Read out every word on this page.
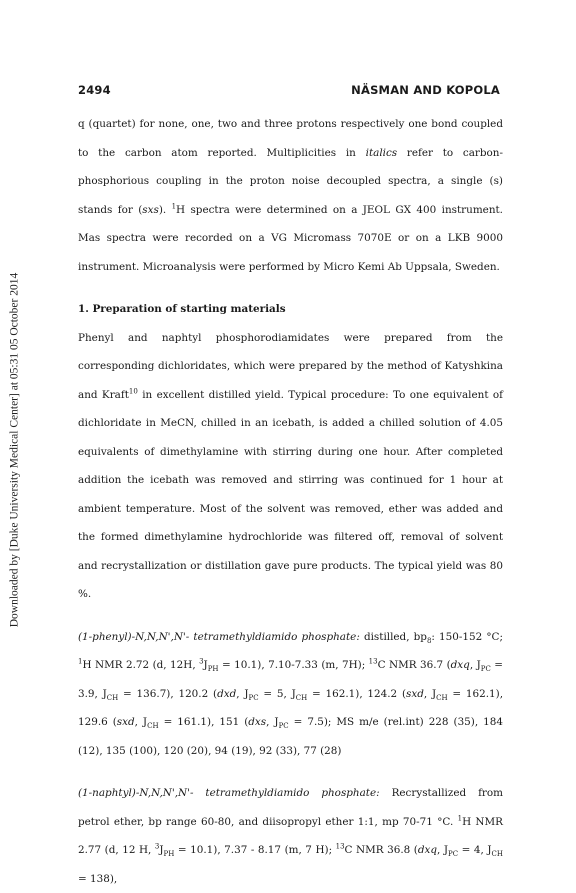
Downloaded by [Duke University Medical Center] at 05:31 05 October 2014
2494	NÄSMAN AND KOPOLA

q (quartet) for none, one, two and three protons respectively one bond coupled to the carbon atom reported. Multiplicities in italics refer to carbon-phosphorious coupling in the proton noise decoupled spectra, a single (s) stands for (sxs). $^1$H spectra were determined on a JEOL GX 400 instrument. Mas spectra were recorded on a VG Micromass 7070E or on a LKB 9000 instrument. Microanalysis were performed by Micro Kemi Ab Uppsala, Sweden.

1. Preparation of starting materials

Phenyl and naphtyl phosphorodiamidates were prepared from the corresponding dichloridates, which were prepared by the method of Katyshkina and Kraft$^{10}$ in excellent distilled yield. Typical procedure: To one equivalent of dichloridate in MeCN, chilled in an icebath, is added a chilled solution of 4.05 equivalents of dimethylamine with stirring during one hour. After completed addition the icebath was removed and stirring was continued for 1 hour at ambient temperature. Most of the solvent was removed, ether was added and the formed dimethylamine hydrochloride was filtered off, removal of solvent and recrystallization or distillation gave pure products. The typical yield was 80 %.

(1-phenyl)-N,N,N',N'- tetramethyldiamido phosphate: distilled, $bp_8$: 150-152 °C; $^1$H NMR 2.72 (d, 12H, $^3J_{PH} = 10.1$), 7.10-7.33 (m, 7H); $^{13}$C NMR 36.7 (dxq, $J_{PC} = 3.9$, $J_{CH} = 136.7$), 120.2 (dxd, $J_{PC} = 5$, $J_{CH} = 162.1$), 124.2 (sxd, $J_{CH} = 162.1$), 129.6 (sxd, $J_{CH} = 161.1$), 151 (dxs, $J_{PC} = 7.5$); MS m/e (rel.int) 228 (35), 184 (12), 135 (100), 120 (20), 94 (19), 92 (33), 77 (28)

(1-naphtyl)-N,N,N',N'- tetramethyldiamido phosphate: Recrystallized from petrol ether, bp range 60-80, and diisopropyl ether 1:1, mp 70-71 °C. $^1$H NMR 2.77 (d, 12 H, $^3J_{PH} = 10.1$), 7.37 - 8.17 (m, 7 H); $^{13}$C NMR 36.8 (dxq, $J_{PC} = 4$, $J_{CH} = 138$),
